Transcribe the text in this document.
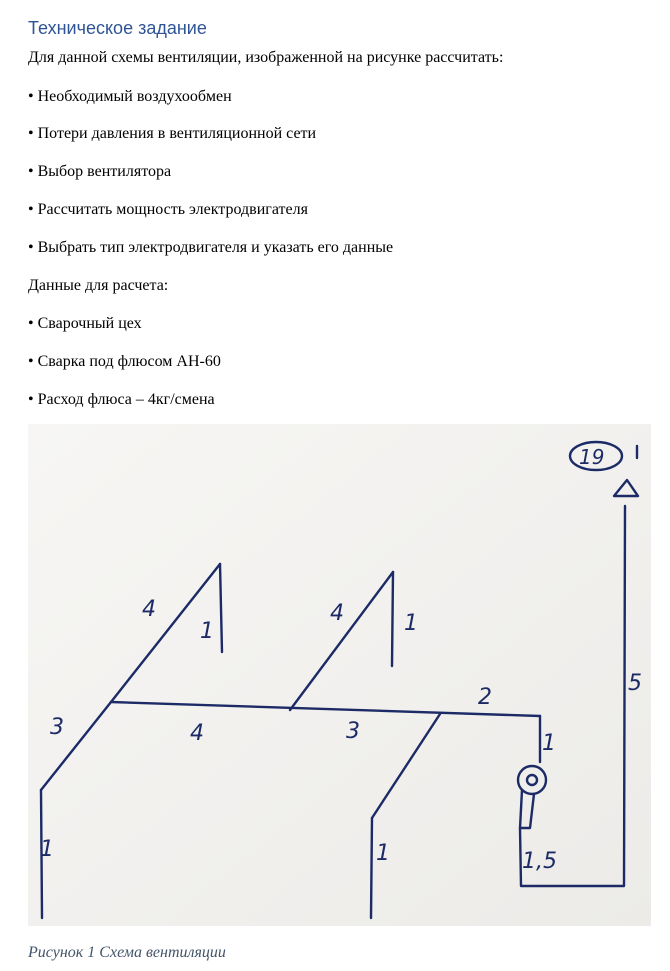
Техническое задание
Для данной схемы вентиляции, изображенной на рисунке рассчитать:
• Необходимый воздухообмен
• Потери давления в вентиляционной сети
• Выбор вентилятора
• Рассчитать мощность электродвигателя
• Выбрать тип электродвигателя и указать его данные
Данные для расчета:
• Сварочный цех
• Сварка под флюсом АН-60
• Расход флюса – 4кг/смена
19
1
3
4
1
4
4	1
3
2
1
1,5
5
1
Рисунок 1 Схема вентиляции
